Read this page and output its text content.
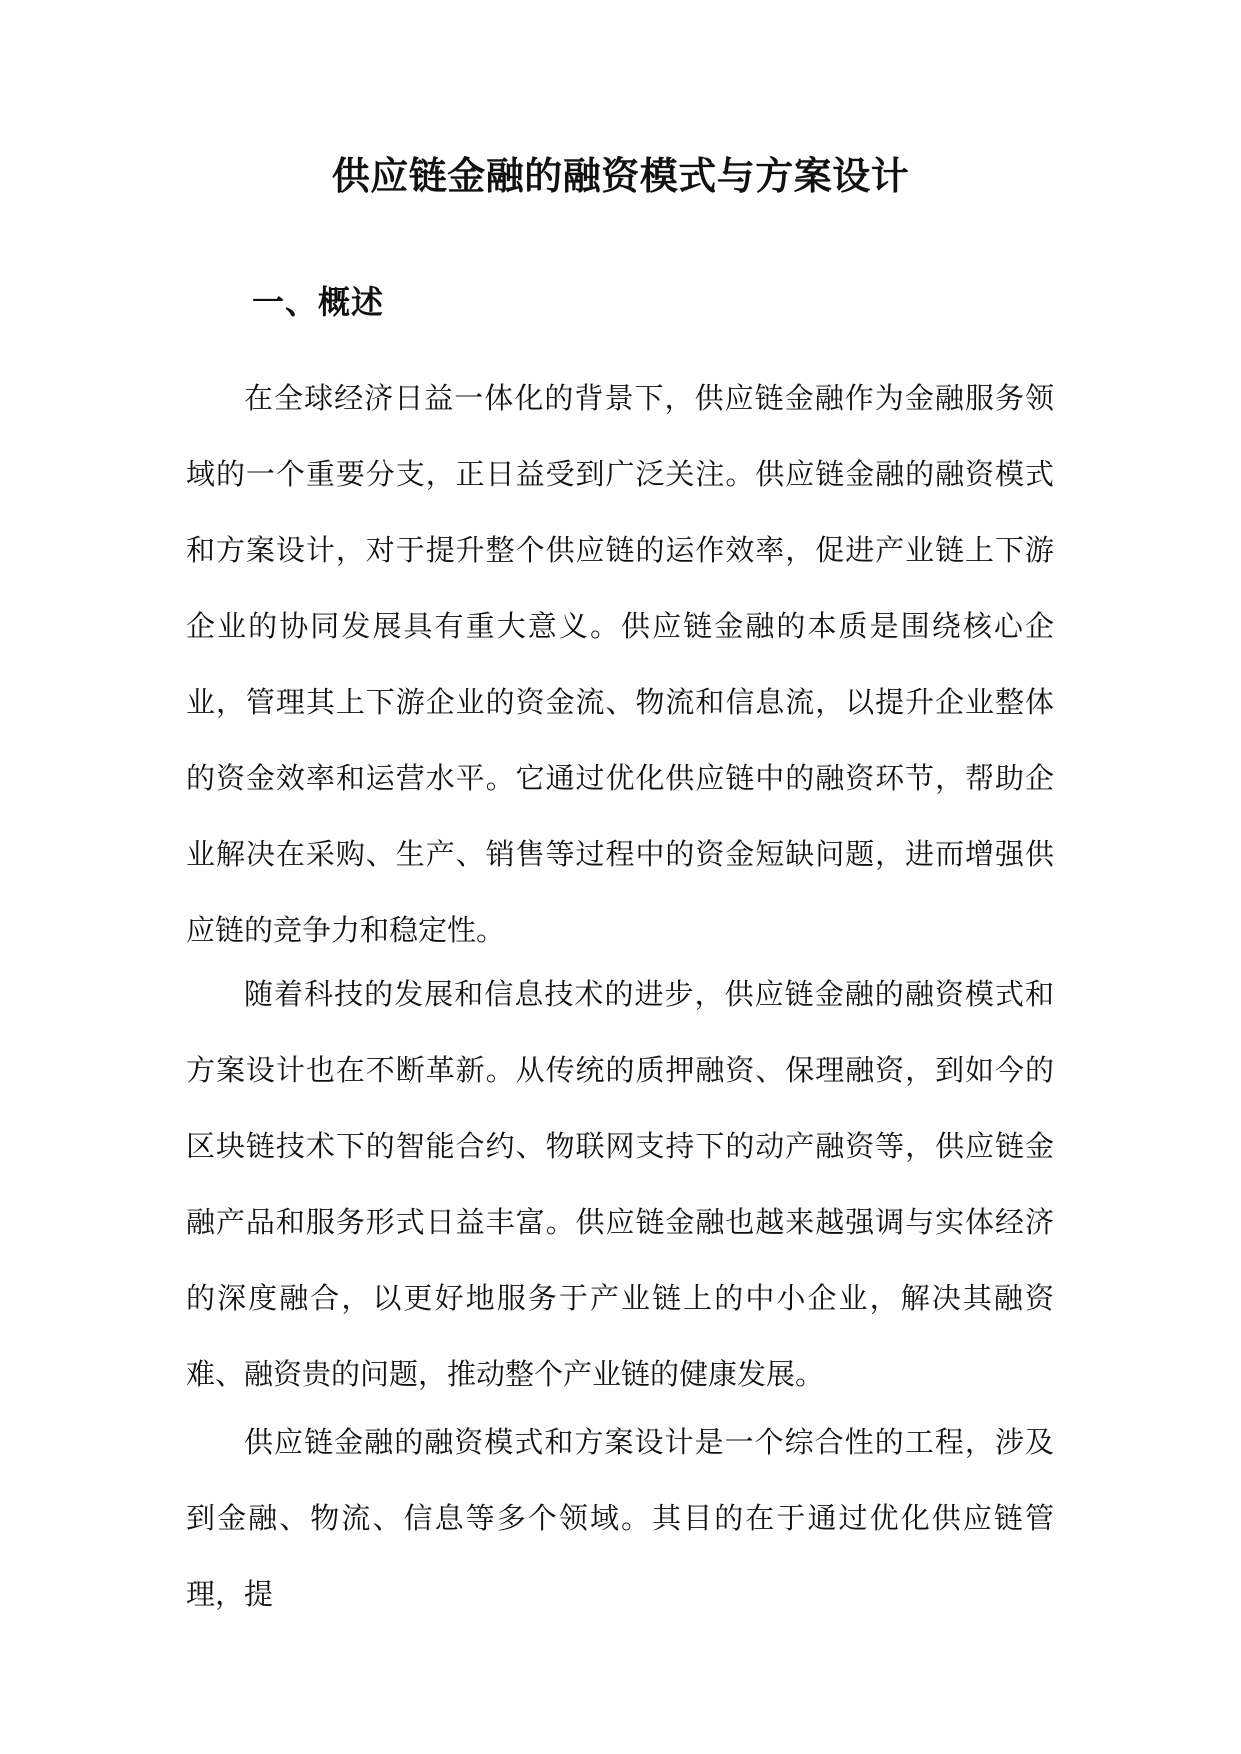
供应链金融的融资模式与方案设计
一、概述

在全球经济日益一体化的背景下，供应链金融作为金融服务领域的一个重要分支，正日益受到广泛关注。供应链金融的融资模式和方案设计，对于提升整个供应链的运作效率，促进产业链上下游企业的协同发展具有重大意义。供应链金融的本质是围绕核心企业，管理其上下游企业的资金流、物流和信息流，以提升企业整体的资金效率和运营水平。它通过优化供应链中的融资环节，帮助企业解决在采购、生产、销售等过程中的资金短缺问题，进而增强供应链的竞争力和稳定性。

随着科技的发展和信息技术的进步，供应链金融的融资模式和方案设计也在不断革新。从传统的质押融资、保理融资，到如今的区块链技术下的智能合约、物联网支持下的动产融资等，供应链金融产品和服务形式日益丰富。供应链金融也越来越强调与实体经济的深度融合，以更好地服务于产业链上的中小企业，解决其融资难、融资贵的问题，推动整个产业链的健康发展。

供应链金融的融资模式和方案设计是一个综合性的工程，涉及到金融、物流、信息等多个领域。其目的在于通过优化供应链管理，提
